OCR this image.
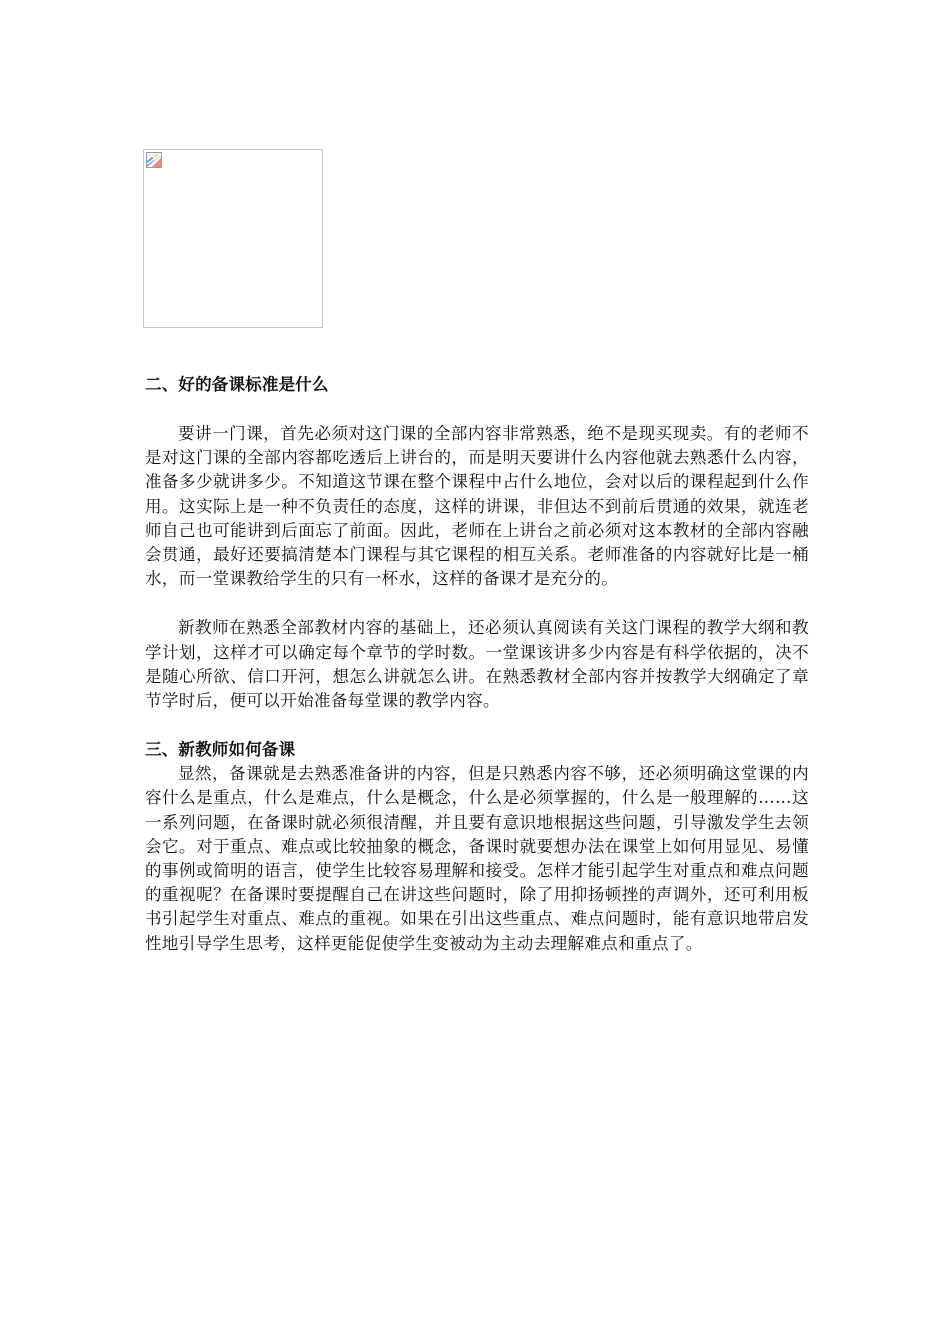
二、好的备课标准是什么

要讲一门课，首先必须对这门课的全部内容非常熟悉，绝不是现买现卖。有的老师不是对这门课的全部内容都吃透后上讲台的，而是明天要讲什么内容他就去熟悉什么内容，准备多少就讲多少。不知道这节课在整个课程中占什么地位，会对以后的课程起到什么作用。这实际上是一种不负责任的态度，这样的讲课，非但达不到前后贯通的效果，就连老师自己也可能讲到后面忘了前面。因此，老师在上讲台之前必须对这本教材的全部内容融会贯通，最好还要搞清楚本门课程与其它课程的相互关系。老师准备的内容就好比是一桶水，而一堂课教给学生的只有一杯水，这样的备课才是充分的。

新教师在熟悉全部教材内容的基础上，还必须认真阅读有关这门课程的教学大纲和教学计划，这样才可以确定每个章节的学时数。一堂课该讲多少内容是有科学依据的，决不是随心所欲、信口开河，想怎么讲就怎么讲。在熟悉教材全部内容并按教学大纲确定了章节学时后，便可以开始准备每堂课的教学内容。

三、新教师如何备课

显然，备课就是去熟悉准备讲的内容，但是只熟悉内容不够，还必须明确这堂课的内容什么是重点，什么是难点，什么是概念，什么是必须掌握的，什么是一般理解的……这一系列问题，在备课时就必须很清醒，并且要有意识地根据这些问题，引导激发学生去领会它。对于重点、难点或比较抽象的概念，备课时就要想办法在课堂上如何用显见、易懂的事例或简明的语言，使学生比较容易理解和接受。怎样才能引起学生对重点和难点问题的重视呢？在备课时要提醒自己在讲这些问题时，除了用抑扬顿挫的声调外，还可利用板书引起学生对重点、难点的重视。如果在引出这些重点、难点问题时，能有意识地带启发性地引导学生思考，这样更能促使学生变被动为主动去理解难点和重点了。
